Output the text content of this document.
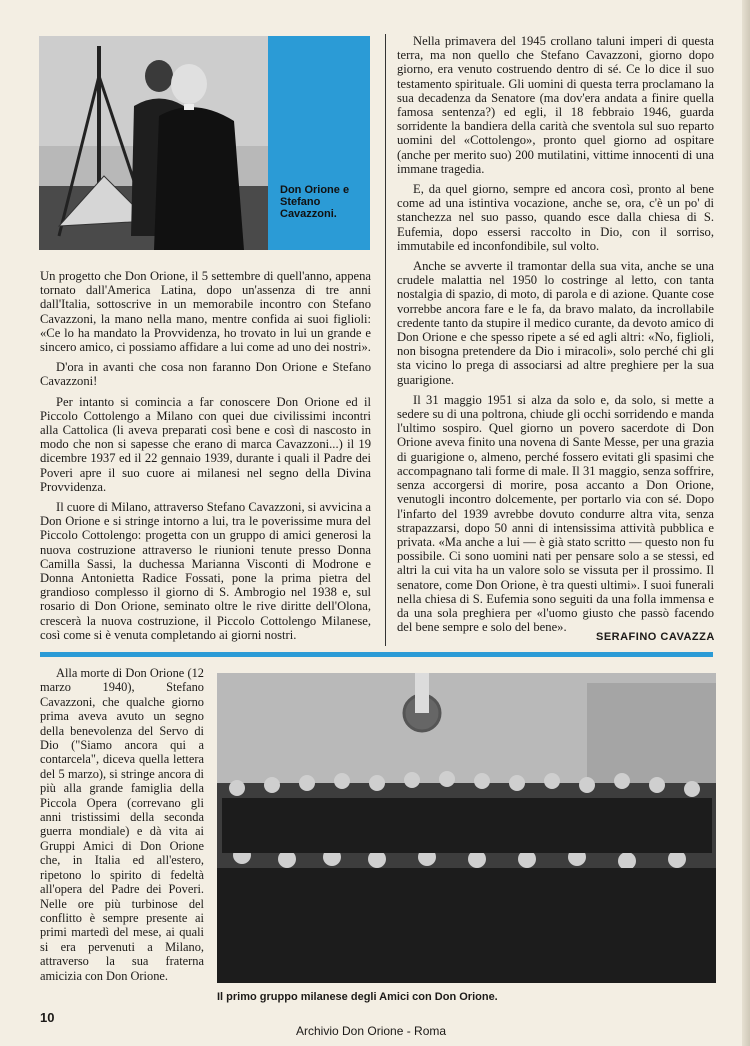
Don Orione e Stefano Cavazzoni.

Un progetto che Don Orione, il 5 settembre di quell'anno, appena tornato dall'America Latina, dopo un'assenza di tre anni dall'Italia, sottoscrive in un memorabile incontro con Stefano Cavazzoni, la mano nella mano, mentre confida ai suoi figlioli: «Ce lo ha mandato la Provvidenza, ho trovato in lui un grande e sincero amico, ci possiamo affidare a lui come ad uno dei nostri».

D'ora in avanti che cosa non faranno Don Orione e Stefano Cavazzoni!

Per intanto si comincia a far conoscere Don Orione ed il Piccolo Cottolengo a Milano con quei due civilissimi incontri alla Cattolica (li aveva preparati così bene e così di nascosto in modo che non si sapesse che erano di marca Cavazzoni...) il 19 dicembre 1937 ed il 22 gennaio 1939, durante i quali il Padre dei Poveri apre il suo cuore ai milanesi nel segno della Divina Provvidenza.

Il cuore di Milano, attraverso Stefano Cavazzoni, si avvicina a Don Orione e si stringe intorno a lui, tra le poverissime mura del Piccolo Cottolengo: progetta con un gruppo di amici generosi la nuova costruzione attraverso le riunioni tenute presso Donna Camilla Sassi, la duchessa Marianna Visconti di Modrone e Donna Antonietta Radice Fossati, pone la prima pietra del grandioso complesso il giorno di S. Ambrogio nel 1938 e, sul rosario di Don Orione, seminato oltre le rive diritte dell'Olona, crescerà la nuova costruzione, il Piccolo Cottolengo Milanese, così come si è venuta completando ai giorni nostri.

Nella primavera del 1945 crollano taluni imperi di questa terra, ma non quello che Stefano Cavazzoni, giorno dopo giorno, era venuto costruendo dentro di sé. Ce lo dice il suo testamento spirituale. Gli uomini di questa terra proclamano la sua decadenza da Senatore (ma dov'era andata a finire quella famosa sentenza?) ed egli, il 18 febbraio 1946, guarda sorridente la bandiera della carità che sventola sul suo reparto uomini del «Cottolengo», pronto quel giorno ad ospitare (anche per merito suo) 200 mutilatini, vittime innocenti di una immane tragedia.

E, da quel giorno, sempre ed ancora così, pronto al bene come ad una istintiva vocazione, anche se, ora, c'è un po' di stanchezza nel suo passo, quando esce dalla chiesa di S. Eufemia, dopo essersi raccolto in Dio, con il sorriso, immutabile ed inconfondibile, sul volto.

Anche se avverte il tramontar della sua vita, anche se una crudele malattia nel 1950 lo costringe al letto, con tanta nostalgia di spazio, di moto, di parola e di azione. Quante cose vorrebbe ancora fare e le fa, da bravo malato, da incrollabile credente tanto da stupire il medico curante, da devoto amico di Don Orione e che spesso ripete a sé ed agli altri: «No, figlioli, non bisogna pretendere da Dio i miracoli», solo perché chi gli sta vicino lo prega di associarsi ad altre preghiere per la sua guarigione.

Il 31 maggio 1951 si alza da solo e, da solo, si mette a sedere su di una poltrona, chiude gli occhi sorridendo e manda l'ultimo sospiro. Quel giorno un povero sacerdote di Don Orione aveva finito una novena di Sante Messe, per una grazia di guarigione o, almeno, perché fossero evitati gli spasimi che accompagnano tali forme di male. Il 31 maggio, senza soffrire, senza accorgersi di morire, posa accanto a Don Orione, venutogli incontro dolcemente, per portarlo via con sé. Dopo l'infarto del 1939 avrebbe dovuto condurre altra vita, senza strapazzarsi, dopo 50 anni di intensissima attività pubblica e privata. «Ma anche a lui — è già stato scritto — questo non fu possibile. Ci sono uomini nati per pensare solo a se stessi, ed altri la cui vita ha un valore solo se vissuta per il prossimo. Il senatore, come Don Orione, è tra questi ultimi». I suoi funerali nella chiesa di S. Eufemia sono seguiti da una folla immensa e da una sola preghiera per «l'uomo giusto che passò facendo del bene sempre e solo del bene».

SERAFINO CAVAZZA

Alla morte di Don Orione (12 marzo 1940), Stefano Cavazzoni, che qualche giorno prima aveva avuto un segno della benevolenza del Servo di Dio ("Siamo ancora qui a contarcela", diceva quella lettera del 5 marzo), si stringe ancora di più alla grande famiglia della Piccola Opera (correvano gli anni tristissimi della seconda guerra mondiale) e dà vita ai Gruppi Amici di Don Orione che, in Italia ed all'estero, ripetono lo spirito di fedeltà all'opera del Padre dei Poveri. Nelle ore più turbinose del conflitto è sempre presente ai primi martedì del mese, ai quali si era pervenuti a Milano, attraverso la sua fraterna amicizia con Don Orione.

Il primo gruppo milanese degli Amici con Don Orione.
10
Archivio Don Orione - Roma
